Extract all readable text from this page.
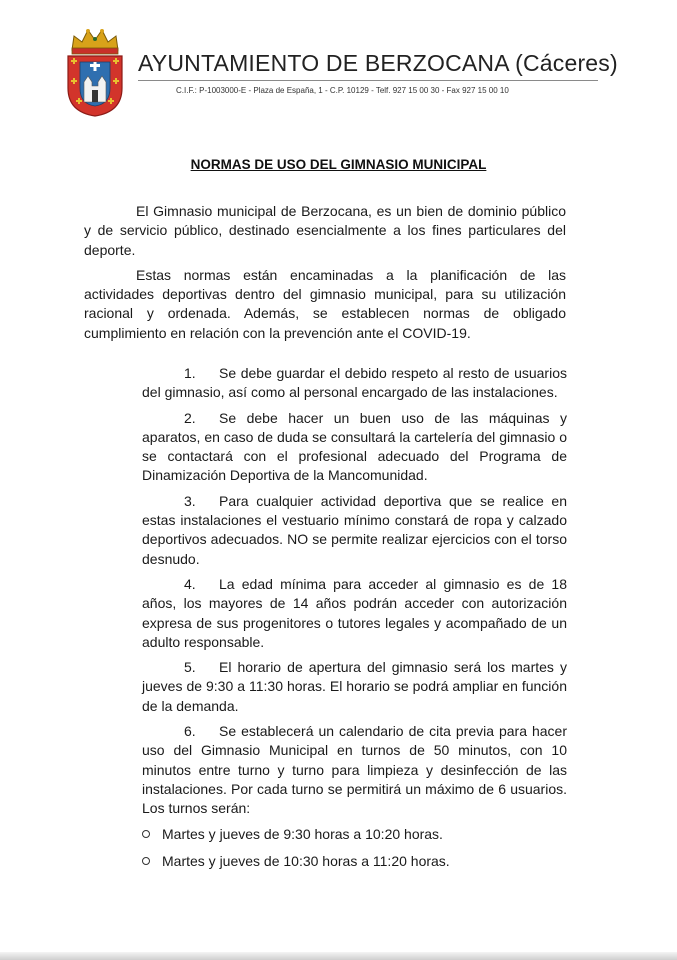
AYUNTAMIENTO DE BERZOCANA (Cáceres)
C.I.F.: P-1003000-E - Plaza de España, 1 - C.P. 10129 - Telf. 927 15 00 30 - Fax 927 15 00 10
NORMAS DE USO DEL GIMNASIO MUNICIPAL

El Gimnasio municipal de Berzocana, es un bien de dominio público y de servicio público, destinado esencialmente a los fines particulares del deporte.

Estas normas están encaminadas a la planificación de las actividades deportivas dentro del gimnasio municipal, para su utilización racional y ordenada. Además, se establecen normas de obligado cumplimiento en relación con la prevención ante el COVID-19.

1. Se debe guardar el debido respeto al resto de usuarios del gimnasio, así como al personal encargado de las instalaciones.

2. Se debe hacer un buen uso de las máquinas y aparatos, en caso de duda se consultará la cartelería del gimnasio o se contactará con el profesional adecuado del Programa de Dinamización Deportiva de la Mancomunidad.

3. Para cualquier actividad deportiva que se realice en estas instalaciones el vestuario mínimo constará de ropa y calzado deportivos adecuados. NO se permite realizar ejercicios con el torso desnudo.

4. La edad mínima para acceder al gimnasio es de 18 años, los mayores de 14 años podrán acceder con autorización expresa de sus progenitores o tutores legales y acompañado de un adulto responsable.

5. El horario de apertura del gimnasio será los martes y jueves de 9:30 a 11:30 horas. El horario se podrá ampliar en función de la demanda.

6. Se establecerá un calendario de cita previa para hacer uso del Gimnasio Municipal en turnos de 50 minutos, con 10 minutos entre turno y turno para limpieza y desinfección de las instalaciones. Por cada turno se permitirá un máximo de 6 usuarios. Los turnos serán:

Martes y jueves de 9:30 horas a 10:20 horas.
Martes y jueves de 10:30 horas a 11:20 horas.
